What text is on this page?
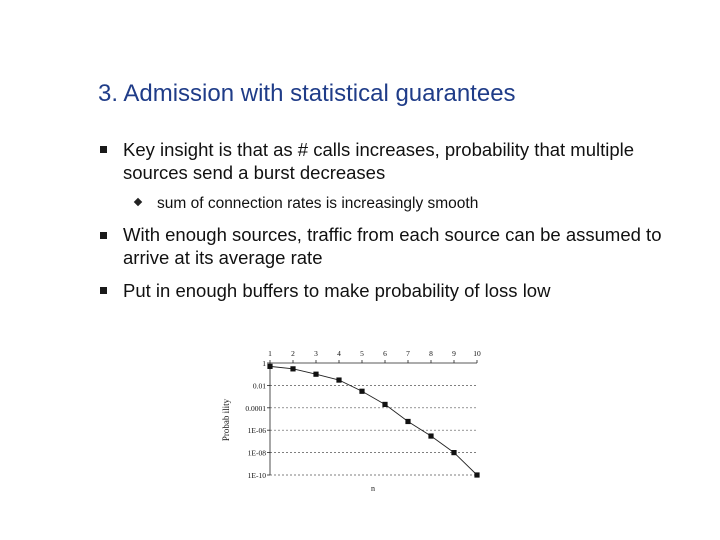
3. Admission with statistical guarantees
Key insight is that as # calls increases, probability that multiple sources send a burst decreases
sum of connection rates is increasingly smooth
With enough sources, traffic from each source can be assumed to arrive at its average rate
Put in enough buffers to make probability of loss low
1
0.01
0.0001
1E-06
1E-08
1E-10
1	2	3	4	5	6	7	8	9 10
n
Probab ility
